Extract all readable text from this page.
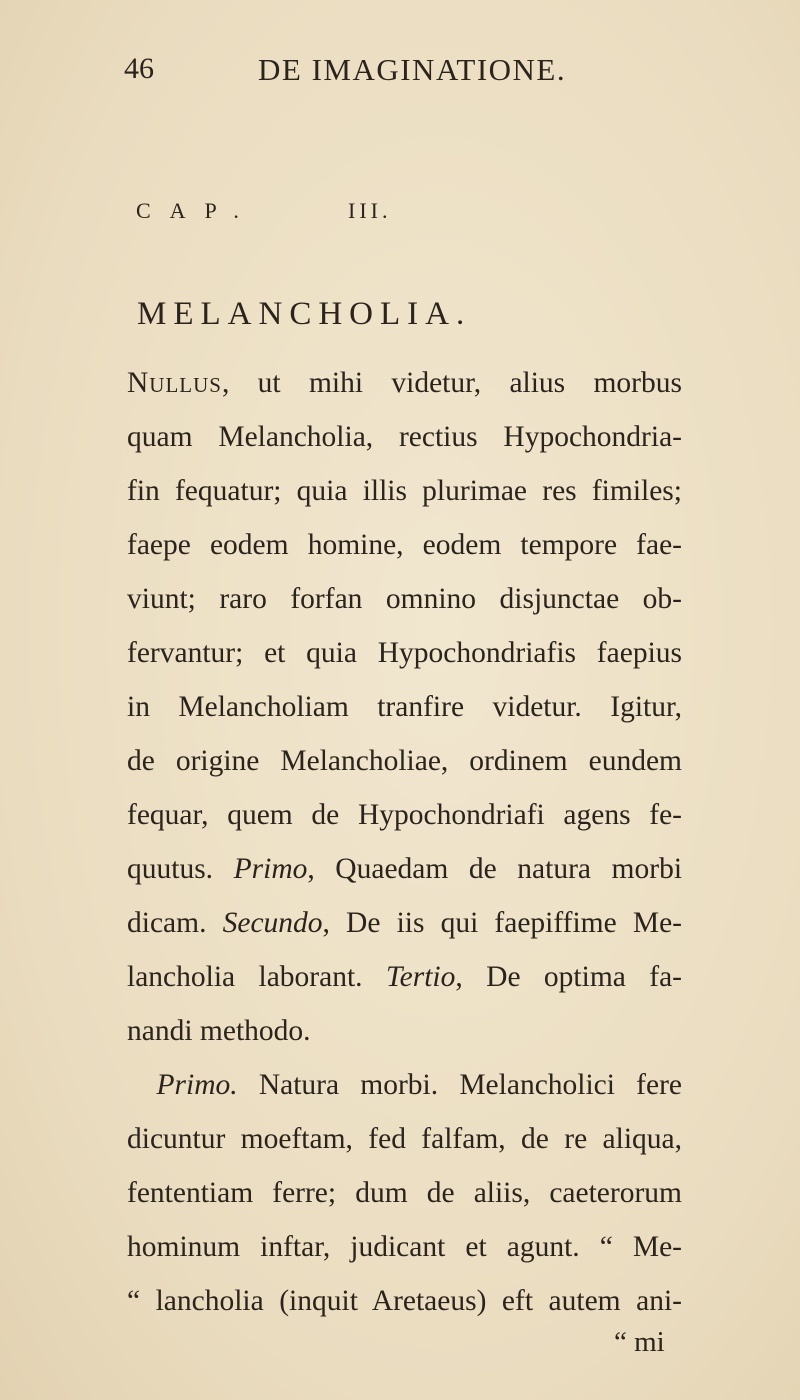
46	DE IMAGINATIONE.
CAP.	III.
MELANCHOLIA.
Nullus, ut mihi videtur, alius morbus
quam Melancholia, rectius Hypochondria-
fin fequatur; quia illis plurimae res fimiles;
faepe eodem homine, eodem tempore fae-
viunt; raro forfan omnino disjunctae ob-
fervantur; et quia Hypochondriafis faepius
in Melancholiam tranfire videtur. Igitur,
de origine Melancholiae, ordinem eundem
fequar, quem de Hypochondriafi agens fe-
quutus. Primo, Quaedam de natura morbi
dicam. Secundo, De iis qui faepiffime Me-
lancholia laborant. Tertio, De optima fa-
nandi methodo.
 Primo. Natura morbi. Melancholici fere
dicuntur moeftam, fed falfam, de re aliqua,
fententiam ferre; dum de aliis, caeterorum
hominum inftar, judicant et agunt. “ Me-
“ lancholia (inquit Aretaeus) eft autem ani-
“ mi
